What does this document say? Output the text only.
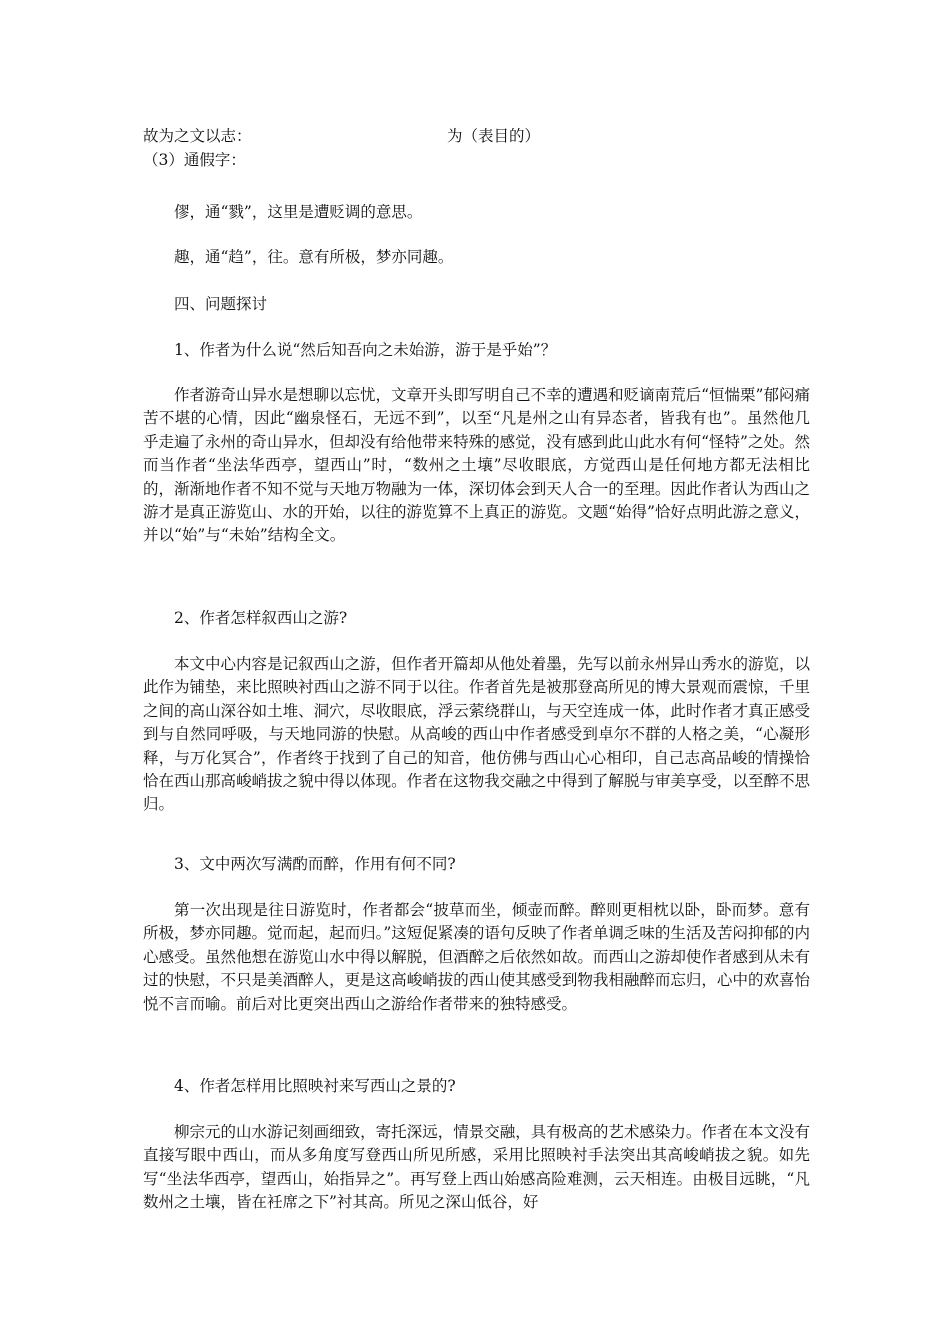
故为之文以志：	为（表目的）
（3）通假字：

僇，通“戮”，这里是遭贬调的意思。

趣，通“趋”，往。意有所极，梦亦同趣。

四、问题探讨

1、作者为什么说“然后知吾向之未始游，游于是乎始”？

作者游奇山异水是想聊以忘忧，文章开头即写明自己不幸的遭遇和贬谪南荒后“恒惴栗”郁闷痛苦不堪的心情，因此“幽泉怪石，无远不到”，以至“凡是州之山有异态者，皆我有也”。虽然他几乎走遍了永州的奇山异水，但却没有给他带来特殊的感觉，没有感到此山此水有何“怪特”之处。然而当作者“坐法华西亭，望西山”时，“数州之土壤”尽收眼底，方觉西山是任何地方都无法相比的，渐渐地作者不知不觉与天地万物融为一体，深切体会到天人合一的至理。因此作者认为西山之游才是真正游览山、水的开始，以往的游览算不上真正的游览。文题“始得”恰好点明此游之意义，并以“始”与“未始”结构全文。

2、作者怎样叙西山之游?

本文中心内容是记叙西山之游，但作者开篇却从他处着墨，先写以前永州异山秀水的游览，以此作为铺垫，来比照映衬西山之游不同于以往。作者首先是被那登高所见的博大景观而震惊，千里之间的高山深谷如土堆、洞穴，尽收眼底，浮云萦绕群山，与天空连成一体，此时作者才真正感受到与自然同呼吸，与天地同游的快慰。从高峻的西山中作者感受到卓尔不群的人格之美，“心凝形释，与万化冥合”，作者终于找到了自己的知音，他仿佛与西山心心相印，自己志高品峻的情操恰恰在西山那高峻峭拔之貌中得以体现。作者在这物我交融之中得到了解脱与审美享受，以至醉不思归。

3、文中两次写满酌而醉，作用有何不同?

第一次出现是往日游览时，作者都会“披草而坐，倾壶而醉。醉则更相枕以卧，卧而梦。意有所极，梦亦同趣。觉而起，起而归。”这短促紧凑的语句反映了作者单调乏味的生活及苦闷抑郁的内心感受。虽然他想在游览山水中得以解脱，但酒醉之后依然如故。而西山之游却使作者感到从未有过的快慰，不只是美酒醉人，更是这高峻峭拔的西山使其感受到物我相融醉而忘归，心中的欢喜怡悦不言而喻。前后对比更突出西山之游给作者带来的独特感受。

4、作者怎样用比照映衬来写西山之景的?

柳宗元的山水游记刻画细致，寄托深远，情景交融，具有极高的艺术感染力。作者在本文没有直接写眼中西山，而从多角度写登西山所见所感，采用比照映衬手法突出其高峻峭拔之貌。如先写“坐法华西亭，望西山，始指异之”。再写登上西山始感高险难测，云天相连。由极目远眺，“凡数州之土壤，皆在衽席之下”衬其高。所见之深山低谷，好
